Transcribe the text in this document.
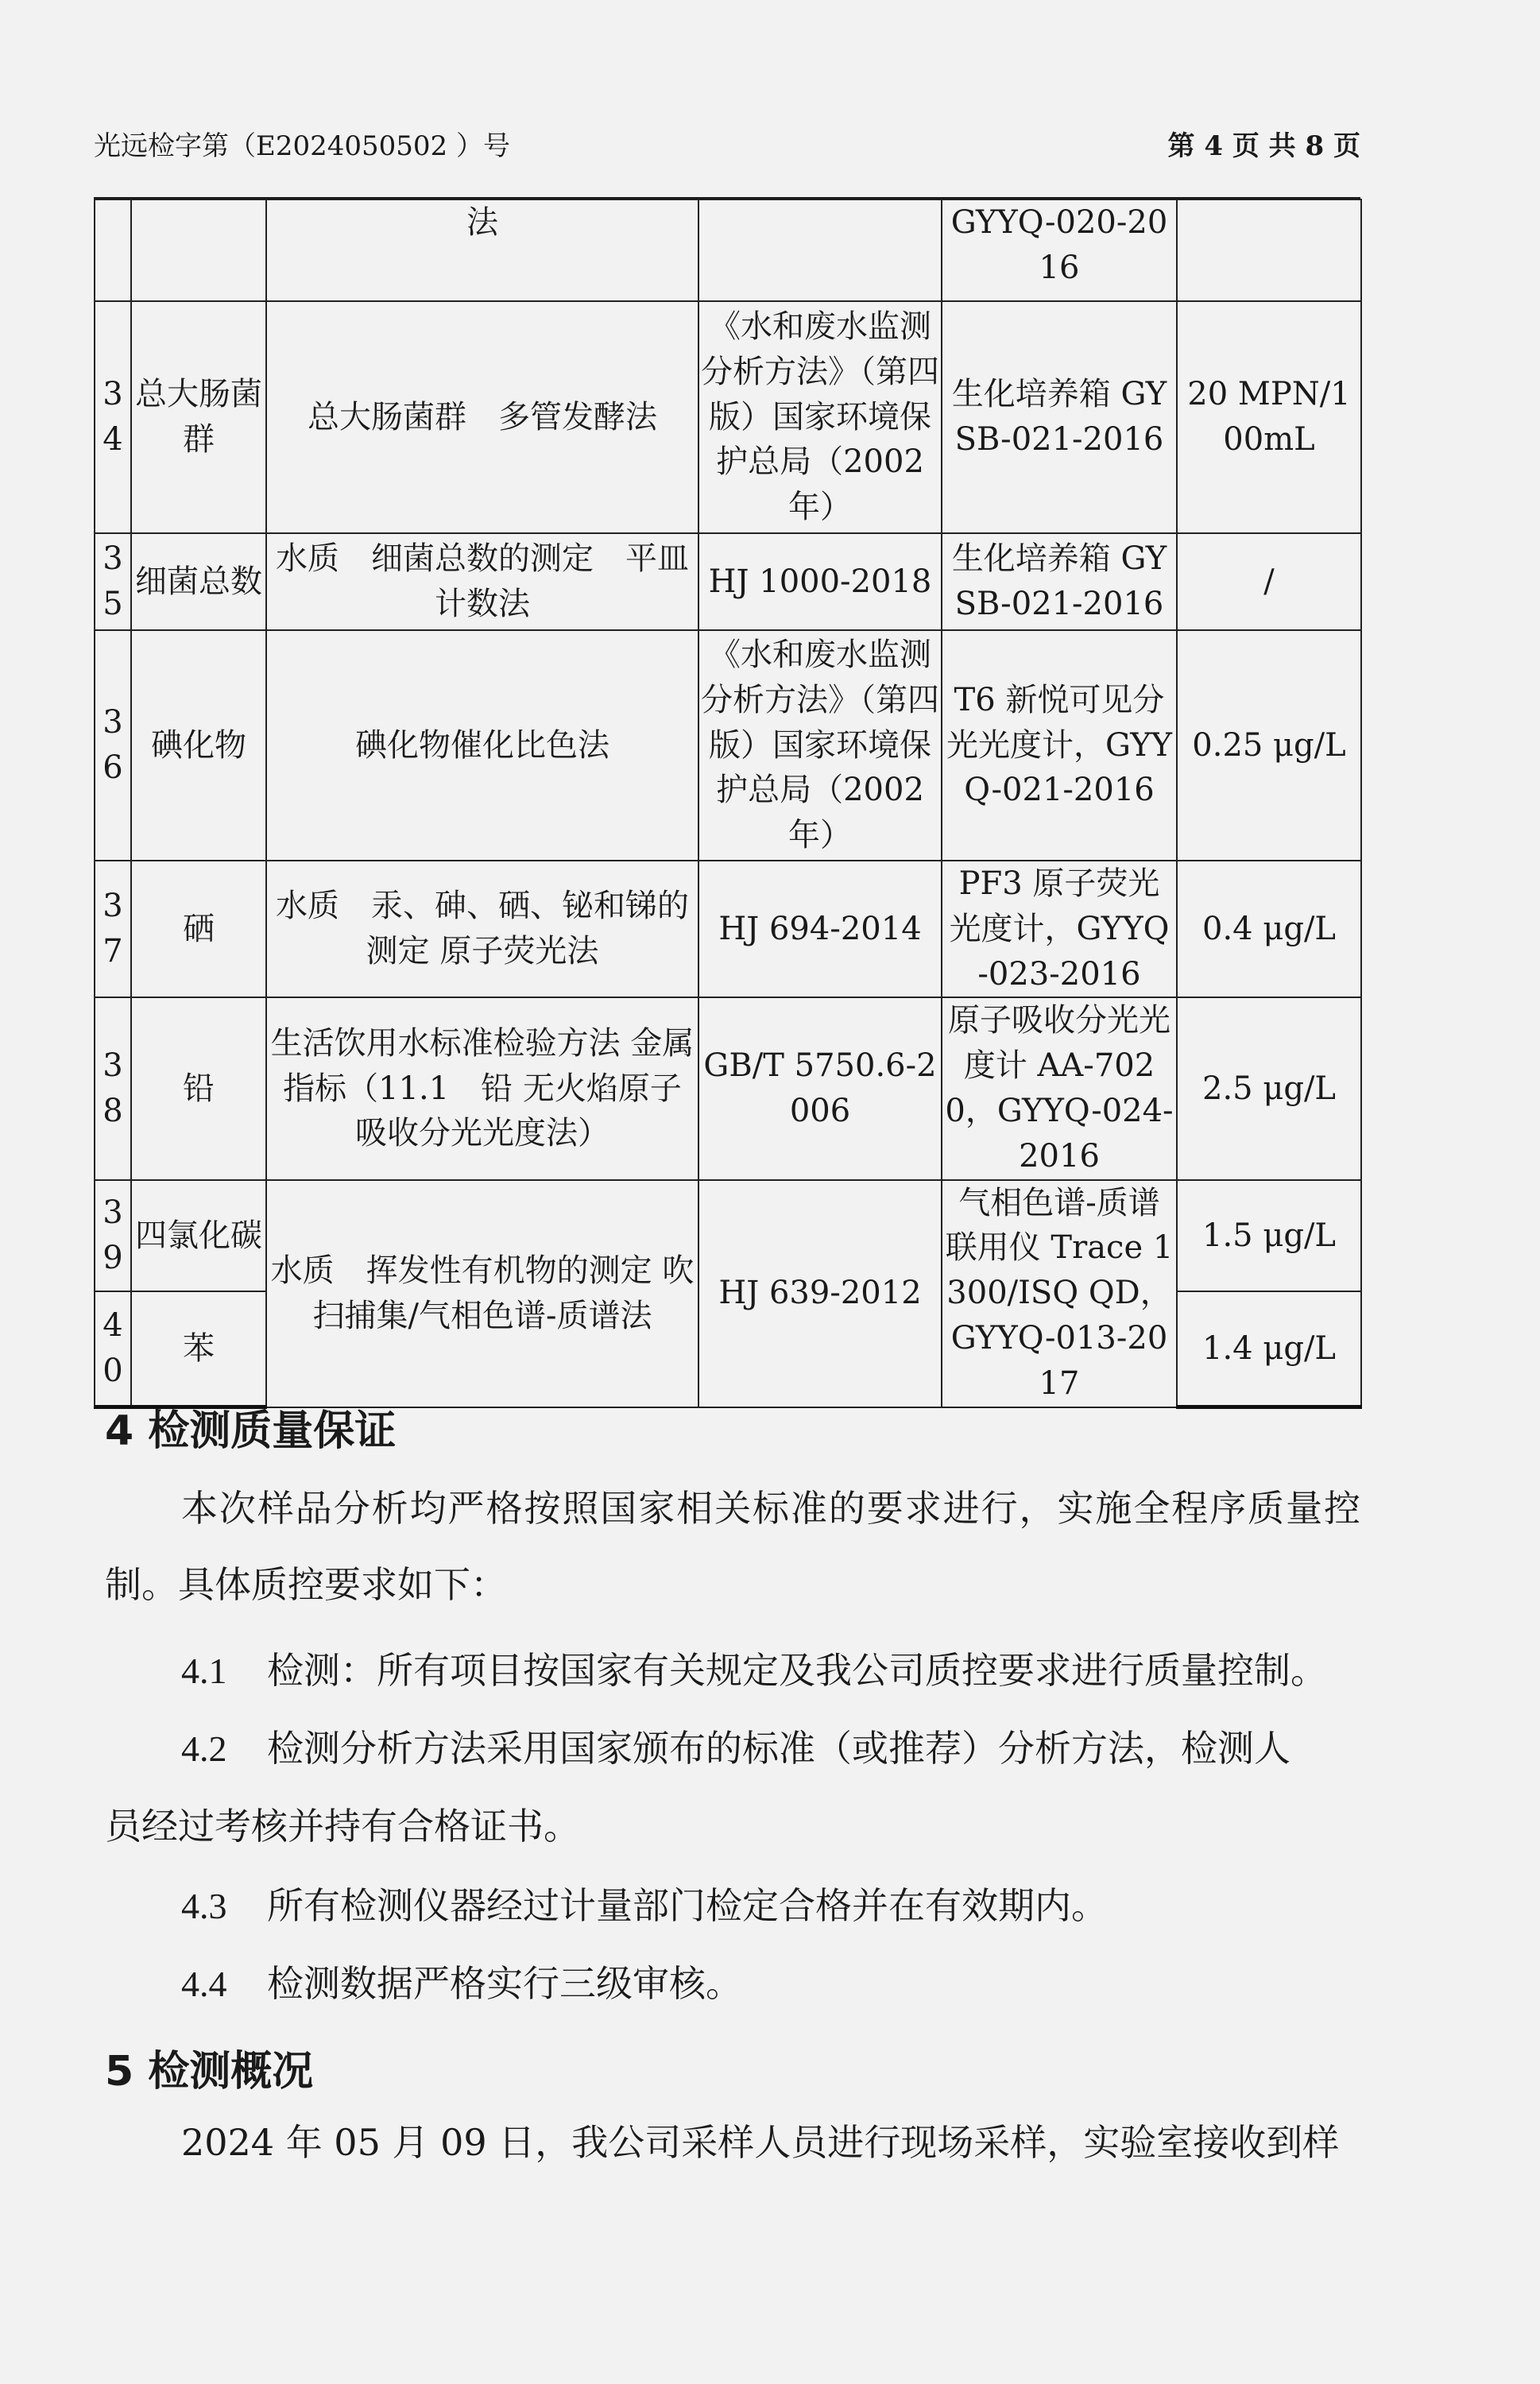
光远检字第（E2024050502 ）号	第 4 页 共 8 页
		法		GYYQ-020-2016	
34	总大肠菌群	总大肠菌群　多管发酵法	《水和废水监测分析方法》（第四版）国家环境保护总局（2002年）	生化培养箱 GYSB-021-2016	20 MPN/100mL
35	细菌总数	水质　细菌总数的测定　平皿计数法	HJ 1000-2018	生化培养箱 GYSB-021-2016	/
36	碘化物	碘化物催化比色法	《水和废水监测分析方法》（第四版）国家环境保护总局（2002年）	T6 新悦可见分光光度计，GYYQ-021-2016	0.25 μg/L
37	硒	水质　汞、砷、硒、铋和锑的测定 原子荧光法	HJ 694-2014	PF3 原子荧光光度计，GYYQ-023-2016	0.4 μg/L
38	铅	生活饮用水标准检验方法 金属指标（11.1　铅 无火焰原子吸收分光光度法）	GB/T 5750.6-2006	原子吸收分光光度计 AA-7020，GYYQ-024-2016	2.5 μg/L
39	四氯化碳	水质　挥发性有机物的测定 吹扫捕集/气相色谱-质谱法	HJ 639-2012	气相色谱-质谱联用仪 Trace 1300/ISQ QD，GYYQ-013-2017	1.5 μg/L
40	苯				1.4 μg/L
4 检测质量保证
本次样品分析均严格按照国家相关标准的要求进行，实施全程序质量控制。具体质控要求如下：
4.1 检测：所有项目按国家有关规定及我公司质控要求进行质量控制。
4.2 检测分析方法采用国家颁布的标准（或推荐）分析方法，检测人
员经过考核并持有合格证书。
4.3 所有检测仪器经过计量部门检定合格并在有效期内。
4.4 检测数据严格实行三级审核。
5 检测概况
2024 年 05 月 09 日，我公司采样人员进行现场采样，实验室接收到样
